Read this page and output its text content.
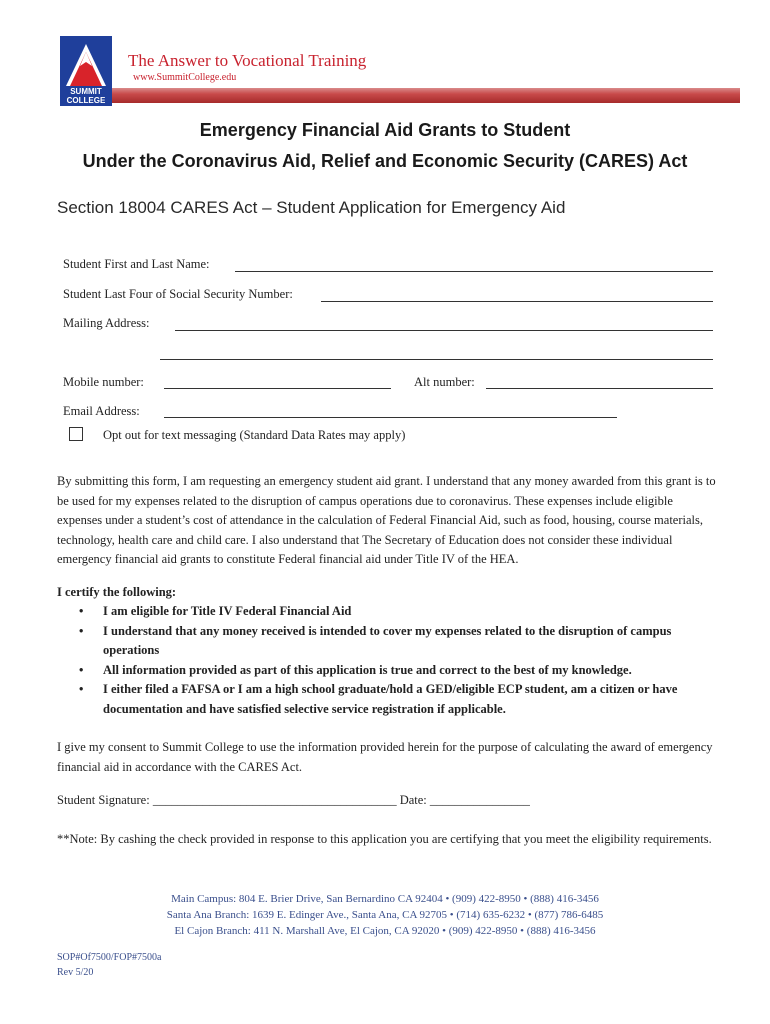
SUMMIT
COLLEGE
The Answer to Vocational Training
www.SummitCollege.edu
Emergency Financial Aid Grants to Student
Under the Coronavirus Aid, Relief and Economic Security (CARES) Act
Section 18004 CARES Act – Student Application for Emergency Aid
Student First and Last Name:
Student Last Four of Social Security Number:
Mailing Address:
Mobile number:	Alt number:
Email Address:
Opt out for text messaging (Standard Data Rates may apply)
By submitting this form, I am requesting an emergency student aid grant. I understand that any money awarded from this grant is to be used for my expenses related to the disruption of campus operations due to coronavirus. These expenses include eligible expenses under a student’s cost of attendance in the calculation of Federal Financial Aid, such as food, housing, course materials, technology, health care and child care. I also understand that The Secretary of Education does not consider these individual emergency financial aid grants to constitute Federal financial aid under Title IV of the HEA.
I certify the following:
• I am eligible for Title IV Federal Financial Aid
• I understand that any money received is intended to cover my expenses related to the disruption of campus operations
• All information provided as part of this application is true and correct to the best of my knowledge.
• I either filed a FAFSA or I am a high school graduate/hold a GED/eligible ECP student, am a citizen or have documentation and have satisfied selective service registration if applicable.
I give my consent to Summit College to use the information provided herein for the purpose of calculating the award of emergency financial aid in accordance with the CARES Act.
Student Signature: _______________________________________ Date: ________________
**Note: By cashing the check provided in response to this application you are certifying that you meet the eligibility requirements.
Main Campus: 804 E. Brier Drive, San Bernardino CA 92404 • (909) 422-8950 • (888) 416-3456
Santa Ana Branch: 1639 E. Edinger Ave., Santa Ana, CA 92705 • (714) 635-6232 • (877) 786-6485
El Cajon Branch: 411 N. Marshall Ave, El Cajon, CA 92020 • (909) 422-8950 • (888) 416-3456
SOP#Of7500/FOP#7500a
Rev 5/20
